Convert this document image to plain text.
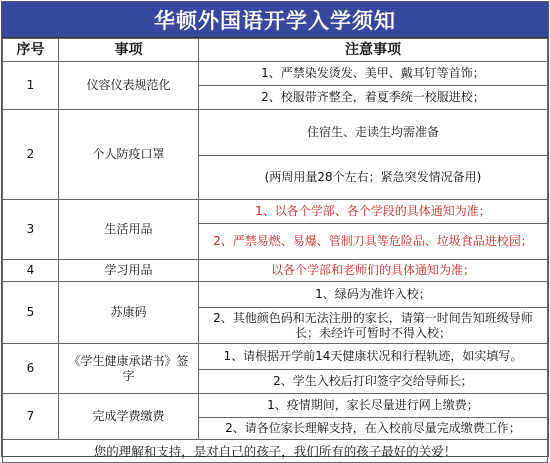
华顿外国语开学入学须知
序号	事项	注意事项
1	仪容仪表规范化	1、严禁染发烫发、美甲、戴耳钉等首饰；
		2、校服带齐整全，着夏季统一校服进校；
2	个人防疫口罩	住宿生、走读生均需准备
		(两周用量28个左右；紧急突发情况备用)
3	生活用品	1、以各个学部、各个学段的具体通知为准；
		2、严禁易燃、易爆、管制刀具等危险品、垃圾食品进校园；
4	学习用品	以各个学部和老师们的具体通知为准；
5	苏康码	1、绿码为准许入校；
		2、其他颜色码和无法注册的家长，请第一时间告知班级导师长；未经许可暂时不得入校；
6	《学生健康承诺书》签字	1、请根据开学前14天健康状况和行程轨迹，如实填写。
		2、学生入校后打印签字交给导师长；
7	完成学费缴费	1、疫情期间，家长尽量进行网上缴费；
		2、请各位家长理解支持，在入校前尽量完成缴费工作；
您的理解和支持，是对自己的孩子，我们所有的孩子最好的关爱！		
